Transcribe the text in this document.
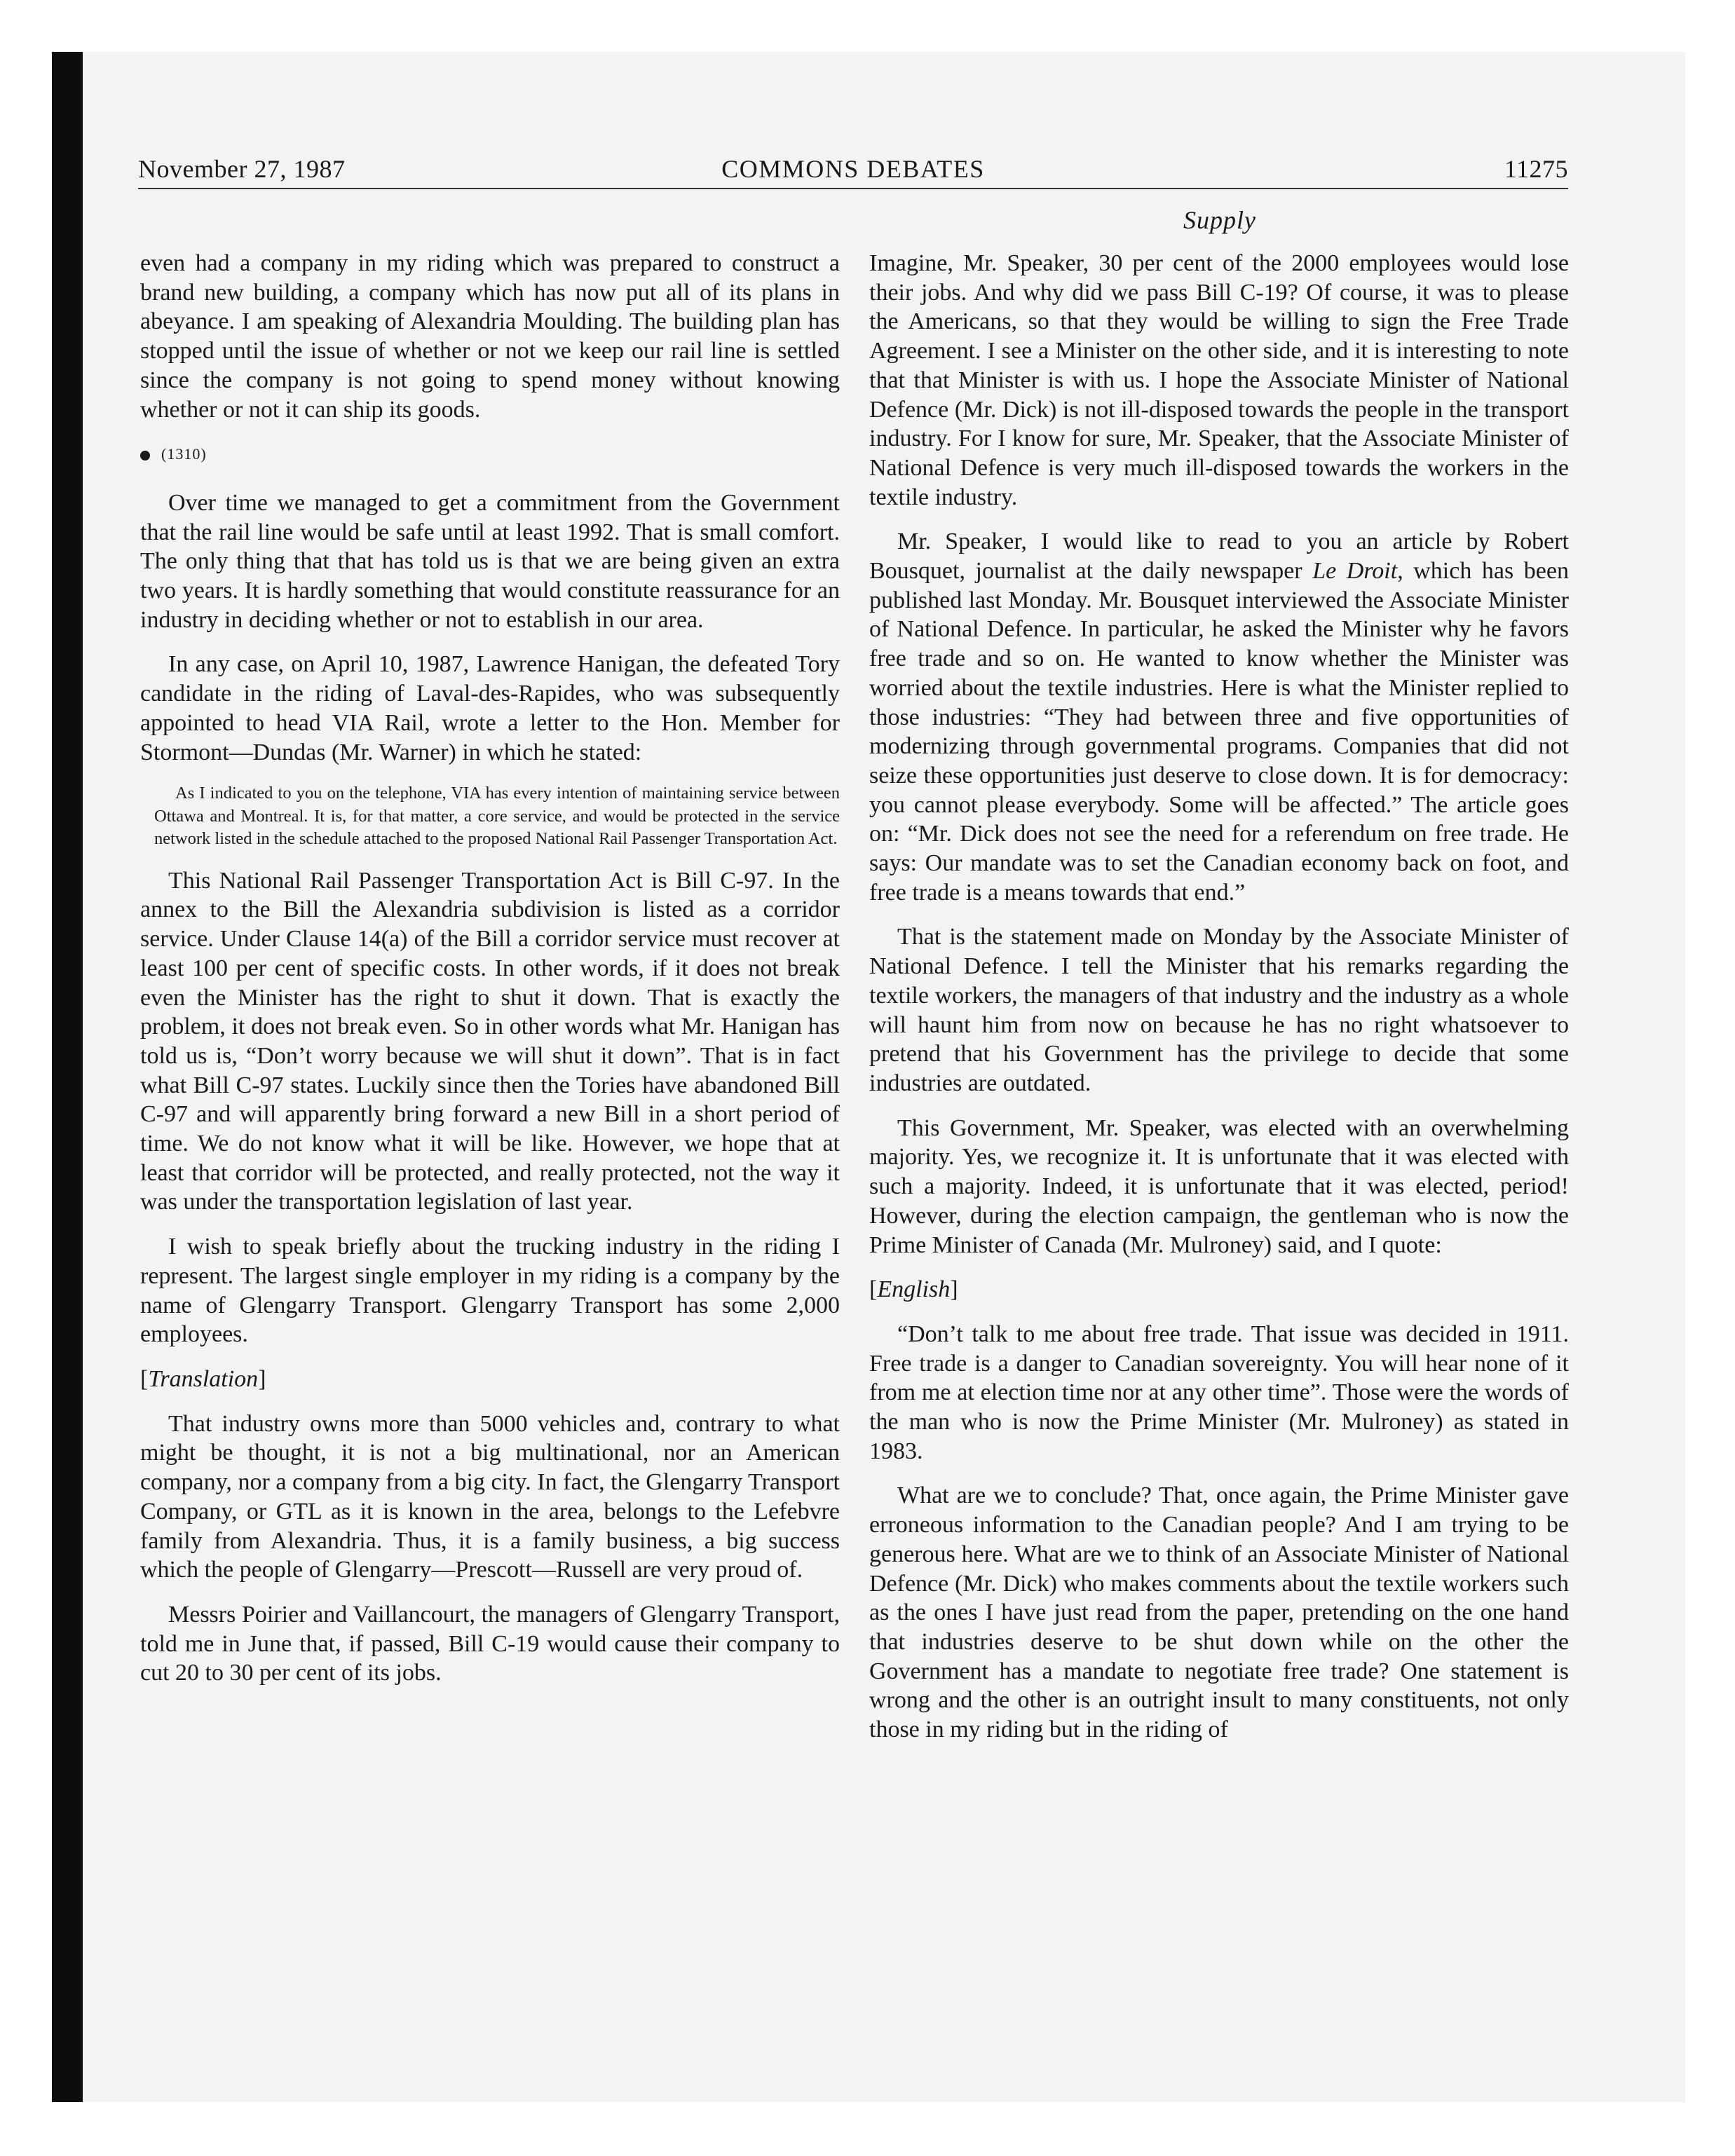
November 27, 1987	COMMONS DEBATES	11275
Supply

even had a company in my riding which was prepared to construct a brand new building, a company which has now put all of its plans in abeyance. I am speaking of Alexandria Moulding. The building plan has stopped until the issue of whether or not we keep our rail line is settled since the company is not going to spend money without knowing whether or not it can ship its goods.

(1310)

Over time we managed to get a commitment from the Government that the rail line would be safe until at least 1992. That is small comfort. The only thing that that has told us is that we are being given an extra two years. It is hardly something that would constitute reassurance for an industry in deciding whether or not to establish in our area.

In any case, on April 10, 1987, Lawrence Hanigan, the defeated Tory candidate in the riding of Laval-des-Rapides, who was subsequently appointed to head VIA Rail, wrote a letter to the Hon. Member for Stormont—Dundas (Mr. Warner) in which he stated:

As I indicated to you on the telephone, VIA has every intention of maintaining service between Ottawa and Montreal. It is, for that matter, a core service, and would be protected in the service network listed in the schedule attached to the proposed National Rail Passenger Transportation Act.

This National Rail Passenger Transportation Act is Bill C-97. In the annex to the Bill the Alexandria subdivision is listed as a corridor service. Under Clause 14(a) of the Bill a corridor service must recover at least 100 per cent of specific costs. In other words, if it does not break even the Minister has the right to shut it down. That is exactly the problem, it does not break even. So in other words what Mr. Hanigan has told us is, “Don’t worry because we will shut it down”. That is in fact what Bill C-97 states. Luckily since then the Tories have abandoned Bill C-97 and will apparently bring forward a new Bill in a short period of time. We do not know what it will be like. However, we hope that at least that corridor will be protected, and really protected, not the way it was under the transportation legislation of last year.

I wish to speak briefly about the trucking industry in the riding I represent. The largest single employer in my riding is a company by the name of Glengarry Transport. Glengarry Transport has some 2,000 employees.

[Translation]

That industry owns more than 5000 vehicles and, contrary to what might be thought, it is not a big multinational, nor an American company, nor a company from a big city. In fact, the Glengarry Transport Company, or GTL as it is known in the area, belongs to the Lefebvre family from Alexandria. Thus, it is a family business, a big success which the people of Glengarry—Prescott—Russell are very proud of.

Messrs Poirier and Vaillancourt, the managers of Glengarry Transport, told me in June that, if passed, Bill C-19 would cause their company to cut 20 to 30 per cent of its jobs.

Imagine, Mr. Speaker, 30 per cent of the 2000 employees would lose their jobs. And why did we pass Bill C-19? Of course, it was to please the Americans, so that they would be willing to sign the Free Trade Agreement. I see a Minister on the other side, and it is interesting to note that that Minister is with us. I hope the Associate Minister of National Defence (Mr. Dick) is not ill-disposed towards the people in the transport industry. For I know for sure, Mr. Speaker, that the Associate Minister of National Defence is very much ill-disposed towards the workers in the textile industry.

Mr. Speaker, I would like to read to you an article by Robert Bousquet, journalist at the daily newspaper Le Droit, which has been published last Monday. Mr. Bousquet interviewed the Associate Minister of National Defence. In particular, he asked the Minister why he favors free trade and so on. He wanted to know whether the Minister was worried about the textile industries. Here is what the Minister replied to those industries: “They had between three and five opportunities of modernizing through governmental programs. Companies that did not seize these opportunities just deserve to close down. It is for democracy: you cannot please everybody. Some will be affected.” The article goes on: “Mr. Dick does not see the need for a referendum on free trade. He says: Our mandate was to set the Canadian economy back on foot, and free trade is a means towards that end.”

That is the statement made on Monday by the Associate Minister of National Defence. I tell the Minister that his remarks regarding the textile workers, the managers of that industry and the industry as a whole will haunt him from now on because he has no right whatsoever to pretend that his Government has the privilege to decide that some industries are outdated.

This Government, Mr. Speaker, was elected with an overwhelming majority. Yes, we recognize it. It is unfortunate that it was elected with such a majority. Indeed, it is unfortunate that it was elected, period! However, during the election campaign, the gentleman who is now the Prime Minister of Canada (Mr. Mulroney) said, and I quote:

[English]

“Don’t talk to me about free trade. That issue was decided in 1911. Free trade is a danger to Canadian sovereignty. You will hear none of it from me at election time nor at any other time”. Those were the words of the man who is now the Prime Minister (Mr. Mulroney) as stated in 1983.

What are we to conclude? That, once again, the Prime Minister gave erroneous information to the Canadian people? And I am trying to be generous here. What are we to think of an Associate Minister of National Defence (Mr. Dick) who makes comments about the textile workers such as the ones I have just read from the paper, pretending on the one hand that industries deserve to be shut down while on the other the Government has a mandate to negotiate free trade? One statement is wrong and the other is an outright insult to many constituents, not only those in my riding but in the riding of
